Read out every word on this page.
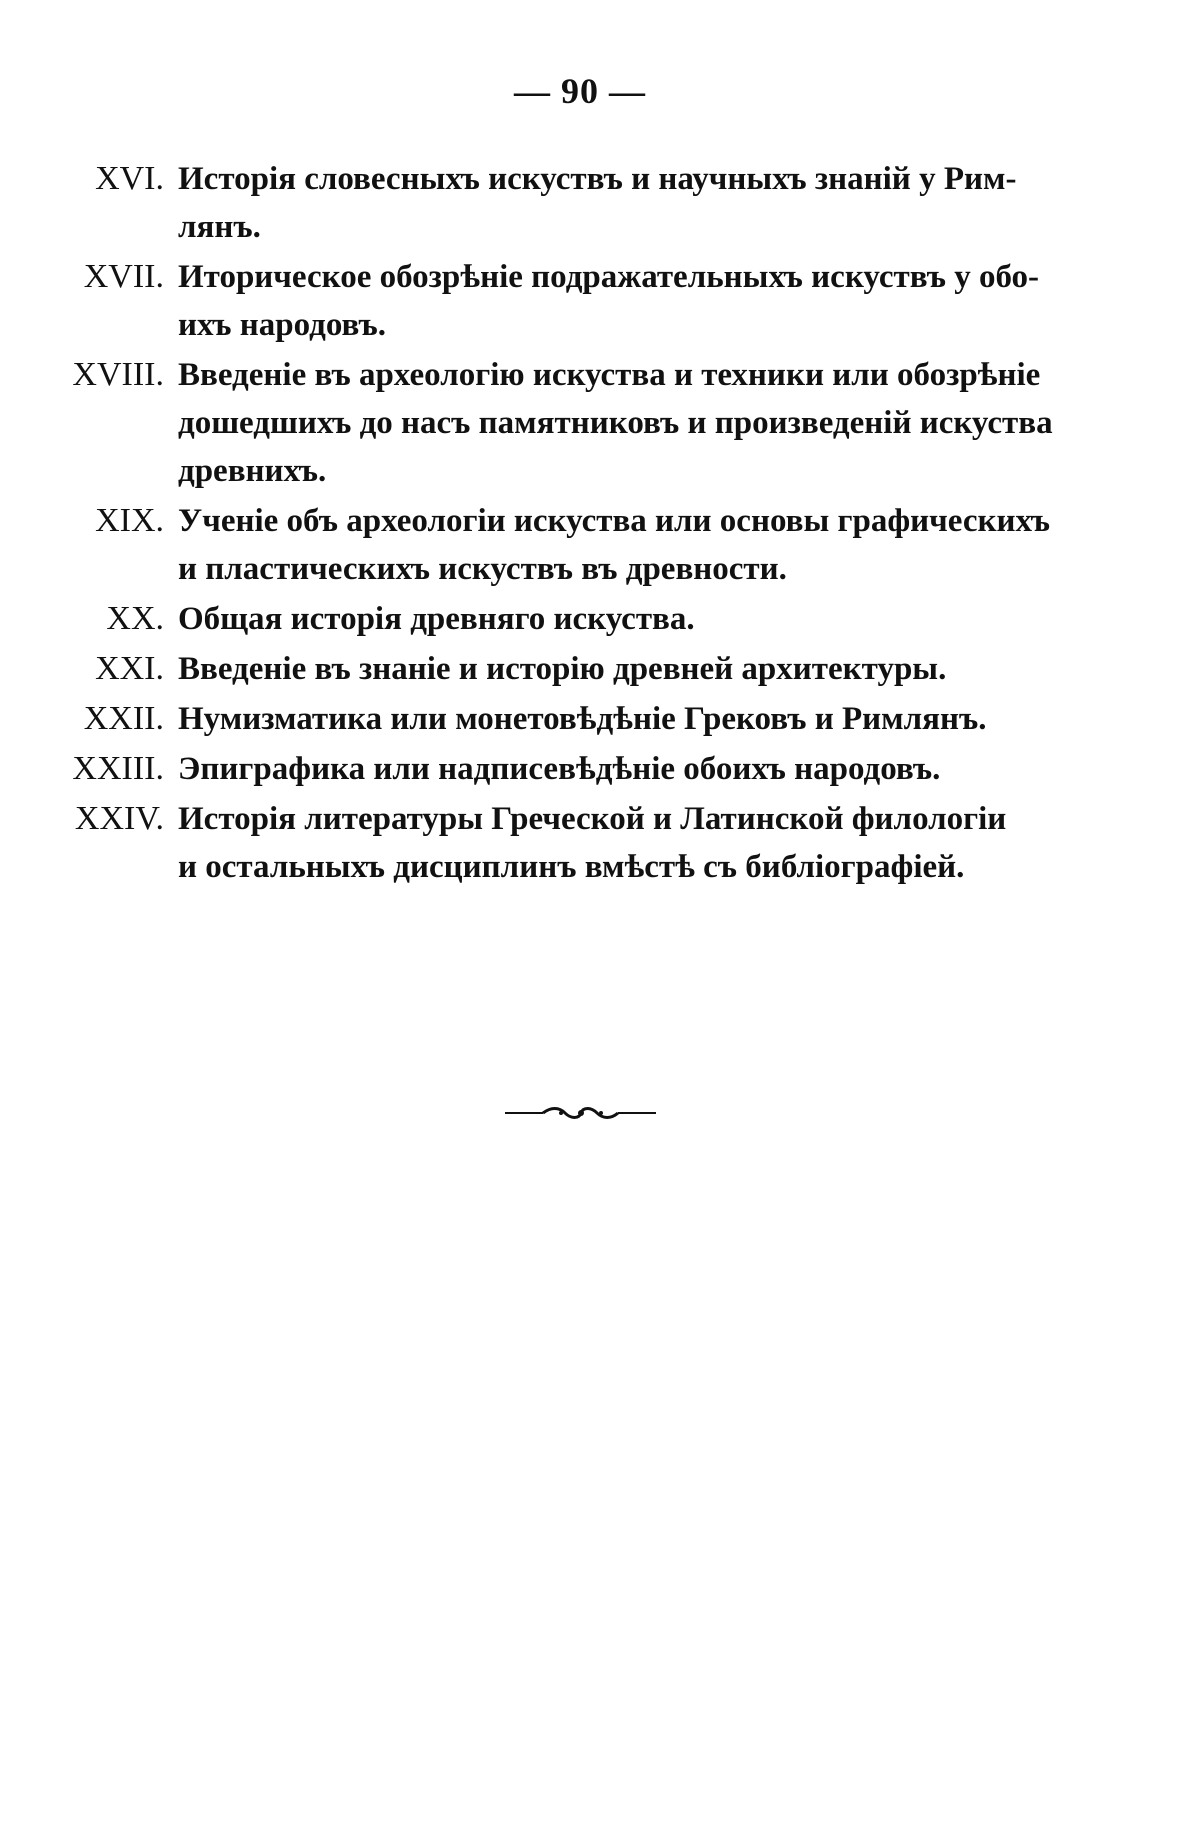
— 90 —
XVI. Исторія словесныхъ искуствъ и научныхъ знаній у Рим-
лянъ.
XVII. Иторическое обозрѣніе подражательныхъ искуствъ у обо-
ихъ народовъ.
XVIII. Введеніе въ археологію искуства и техники или обозрѣніе
дошедшихъ до насъ памятниковъ и произведеній искуства
древнихъ.
XIX. Ученіе объ археологіи искуства или основы графическихъ
и пластическихъ искуствъ въ древности.
XX. Общая исторія древняго искуства.
XXI. Введеніе въ знаніе и исторію древней архитектуры.
XXII. Нумизматика или монетовѣдѣніе Грековъ и Римлянъ.
XXIII. Эпиграфика или надписевѣдѣніе обоихъ народовъ.
XXIV. Исторія литературы Греческой и Латинской филологіи
и остальныхъ дисциплинъ вмѣстѣ съ библіографіей.
